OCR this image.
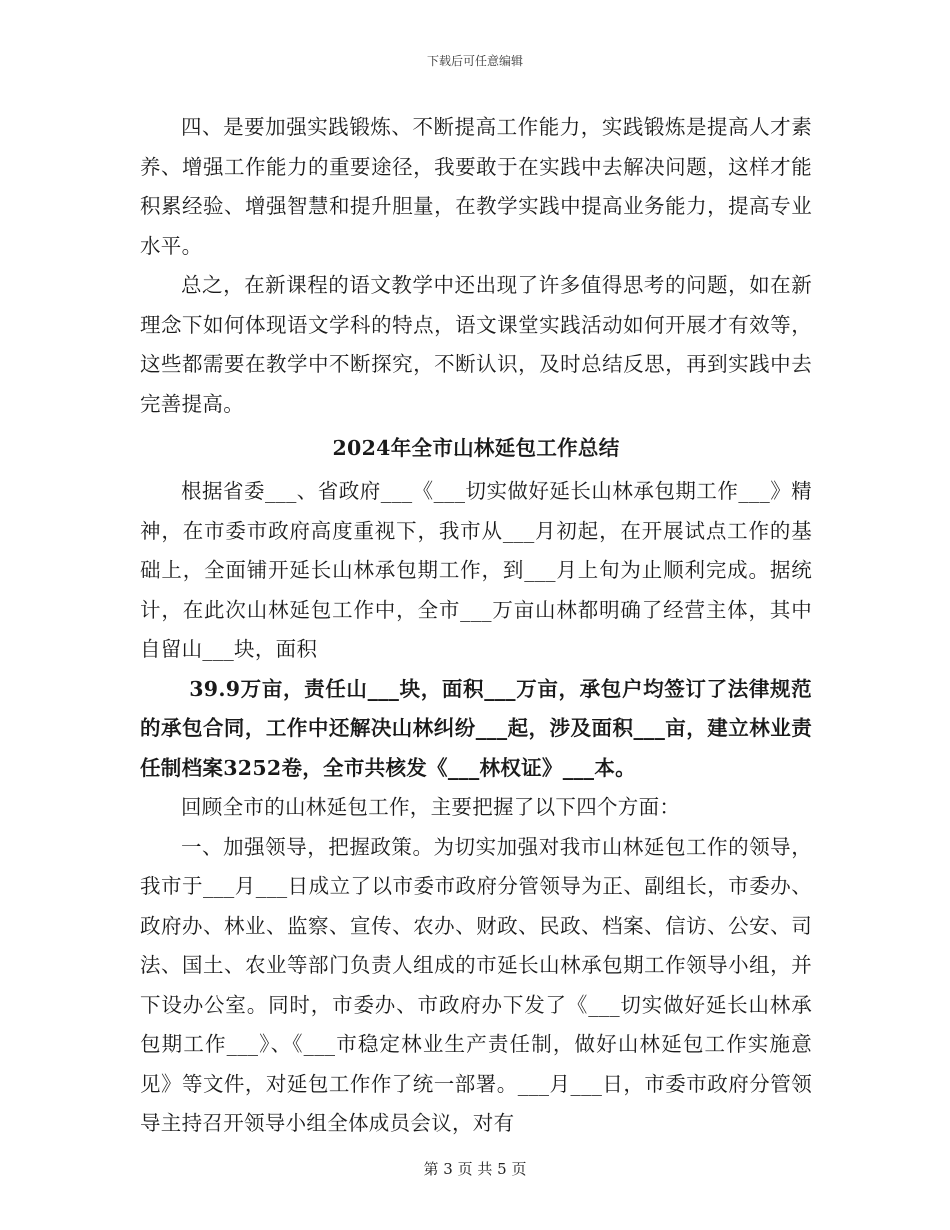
下载后可任意编辑

四、是要加强实践锻炼、不断提高工作能力，实践锻炼是提高人才素养、增强工作能力的重要途径，我要敢于在实践中去解决问题，这样才能积累经验、增强智慧和提升胆量，在教学实践中提高业务能力，提高专业水平。

总之，在新课程的语文教学中还出现了许多值得思考的问题，如在新理念下如何体现语文学科的特点，语文课堂实践活动如何开展才有效等，这些都需要在教学中不断探究，不断认识，及时总结反思，再到实践中去完善提高。

2024年全市山林延包工作总结

根据省委___、省政府___《___切实做好延长山林承包期工作___》精神，在市委市政府高度重视下，我市从___月初起，在开展试点工作的基础上，全面铺开延长山林承包期工作，到___月上旬为止顺利完成。据统计，在此次山林延包工作中，全市___万亩山林都明确了经营主体，其中自留山___块，面积

39.9万亩，责任山___块，面积___万亩，承包户均签订了法律规范的承包合同，工作中还解决山林纠纷___起，涉及面积___亩，建立林业责任制档案3252卷，全市共核发《___林权证》___本。

回顾全市的山林延包工作，主要把握了以下四个方面：

一、加强领导，把握政策。为切实加强对我市山林延包工作的领导，我市于___月___日成立了以市委市政府分管领导为正、副组长，市委办、政府办、林业、监察、宣传、农办、财政、民政、档案、信访、公安、司法、国土、农业等部门负责人组成的市延长山林承包期工作领导小组，并下设办公室。同时，市委办、市政府办下发了《___切实做好延长山林承包期工作___》、《___市稳定林业生产责任制，做好山林延包工作实施意见》等文件，对延包工作作了统一部署。___月___日，市委市政府分管领导主持召开领导小组全体成员会议，对有

第 3 页 共 5 页
